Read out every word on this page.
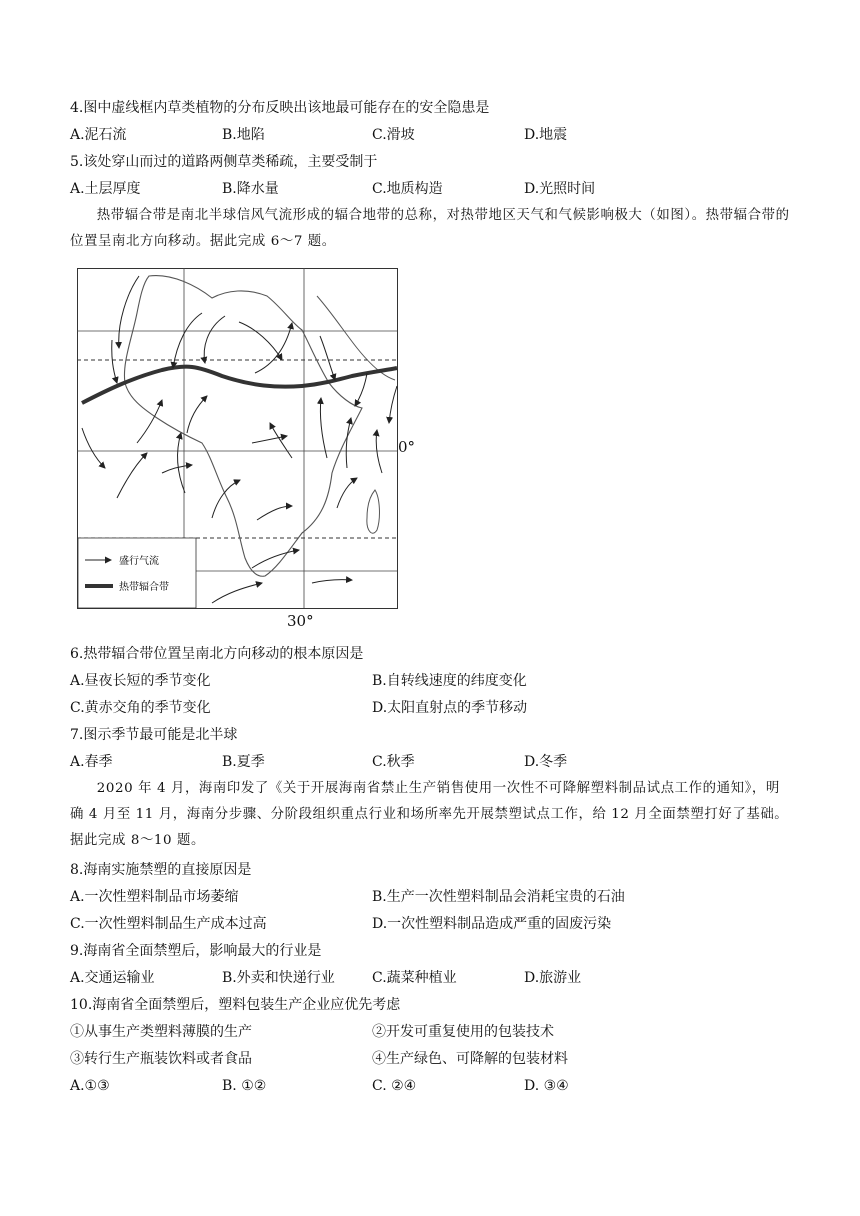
4.图中虚线框内草类植物的分布反映出该地最可能存在的安全隐患是
A.泥石流	B.地陷	C.滑坡	D.地震
5.该处穿山而过的道路两侧草类稀疏，主要受制于
A.土层厚度	B.降水量	C.地质构造	D.光照时间
热带辐合带是南北半球信风气流形成的辐合地带的总称，对热带地区天气和气候影响极大（如图）。热带辐合带的位置呈南北方向移动。据此完成 6～7 题。
盛行气流
热带辐合带
0°
30°
6.热带辐合带位置呈南北方向移动的根本原因是
A.昼夜长短的季节变化	B.自转线速度的纬度变化
C.黄赤交角的季节变化	D.太阳直射点的季节移动
7.图示季节最可能是北半球
A.春季	B.夏季	C.秋季	D.冬季
2020 年 4 月，海南印发了《关于开展海南省禁止生产销售使用一次性不可降解塑料制品试点工作的通知》，明确 4 月至 11 月，海南分步骤、分阶段组织重点行业和场所率先开展禁塑试点工作，给 12 月全面禁塑打好了基础。据此完成 8～10 题。
8.海南实施禁塑的直接原因是
A.一次性塑料制品市场萎缩	B.生产一次性塑料制品会消耗宝贵的石油
C.一次性塑料制品生产成本过高	D.一次性塑料制品造成严重的固废污染
9.海南省全面禁塑后，影响最大的行业是
A.交通运输业	B.外卖和快递行业	C.蔬菜种植业	D.旅游业
10.海南省全面禁塑后，塑料包装生产企业应优先考虑
①从事生产类塑料薄膜的生产	②开发可重复使用的包装技术
③转行生产瓶装饮料或者食品	④生产绿色、可降解的包装材料
A.①③	B. ①②	C. ②④	D. ③④
